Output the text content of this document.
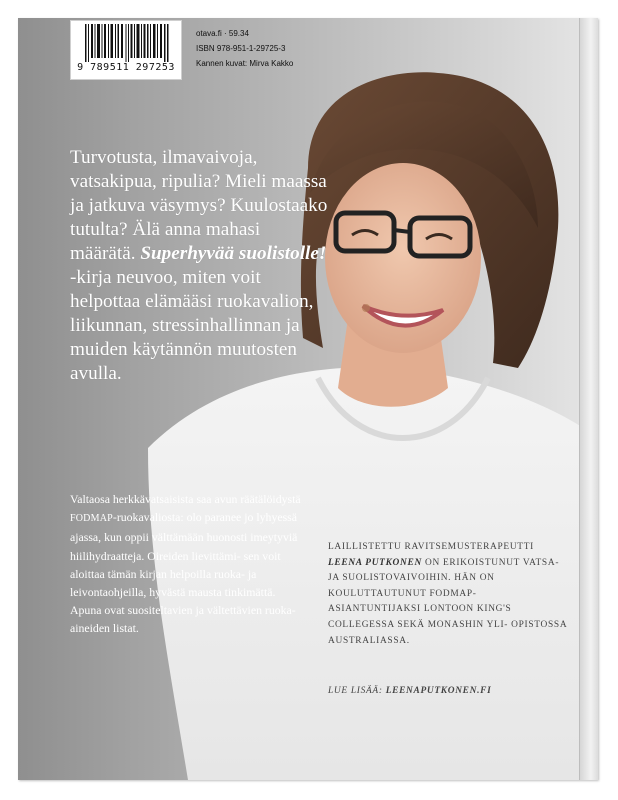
9 789511 297253
otava.fi · 59.34
ISBN 978-951-1-29725-3
Kannen kuvat: Mirva Kakko
Turvotusta, ilmavaivoja, vatsakipua, ripulia? Mieli maassa ja jatkuva väsymys? Kuulostaako tutulta? Älä anna mahasi määrätä. Superhyvää suolistolle! -kirja neuvoo, miten voit helpottaa elämääsi ruokavalion, liikunnan, stressinhallinnan ja muiden käytännön muutosten avulla.
Valtaosa herkkävatsaisista saa avun räätälöidystä FODMAP-ruokavaliosta: olo paranee jo lyhyessä ajassa, kun oppii välttämään huonosti imeytyviä hiilihydraatteja. Oireiden lievittämi- sen voit aloittaa tämän kirjan helpoilla ruoka- ja leivontaohjeilla, hyvästä mausta tinkimättä. Apuna ovat suositeltavien ja vältettävien ruoka- aineiden listat.
LAILLISTETTU RAVITSEMUSTERAPEUTTI LEENA PUTKONEN ON ERIKOISTUNUT VATSA- JA SUOLISTOVAIVOIHIN. HÄN ON KOULUTTAUTUNUT FODMAP-ASIANTUNTIJAKSI LONTOON KING'S COLLEGESSA SEKÄ MONASHIN YLI- OPISTOSSA AUSTRALIASSA.
LUE LISÄÄ: LEENAPUTKONEN.FI
